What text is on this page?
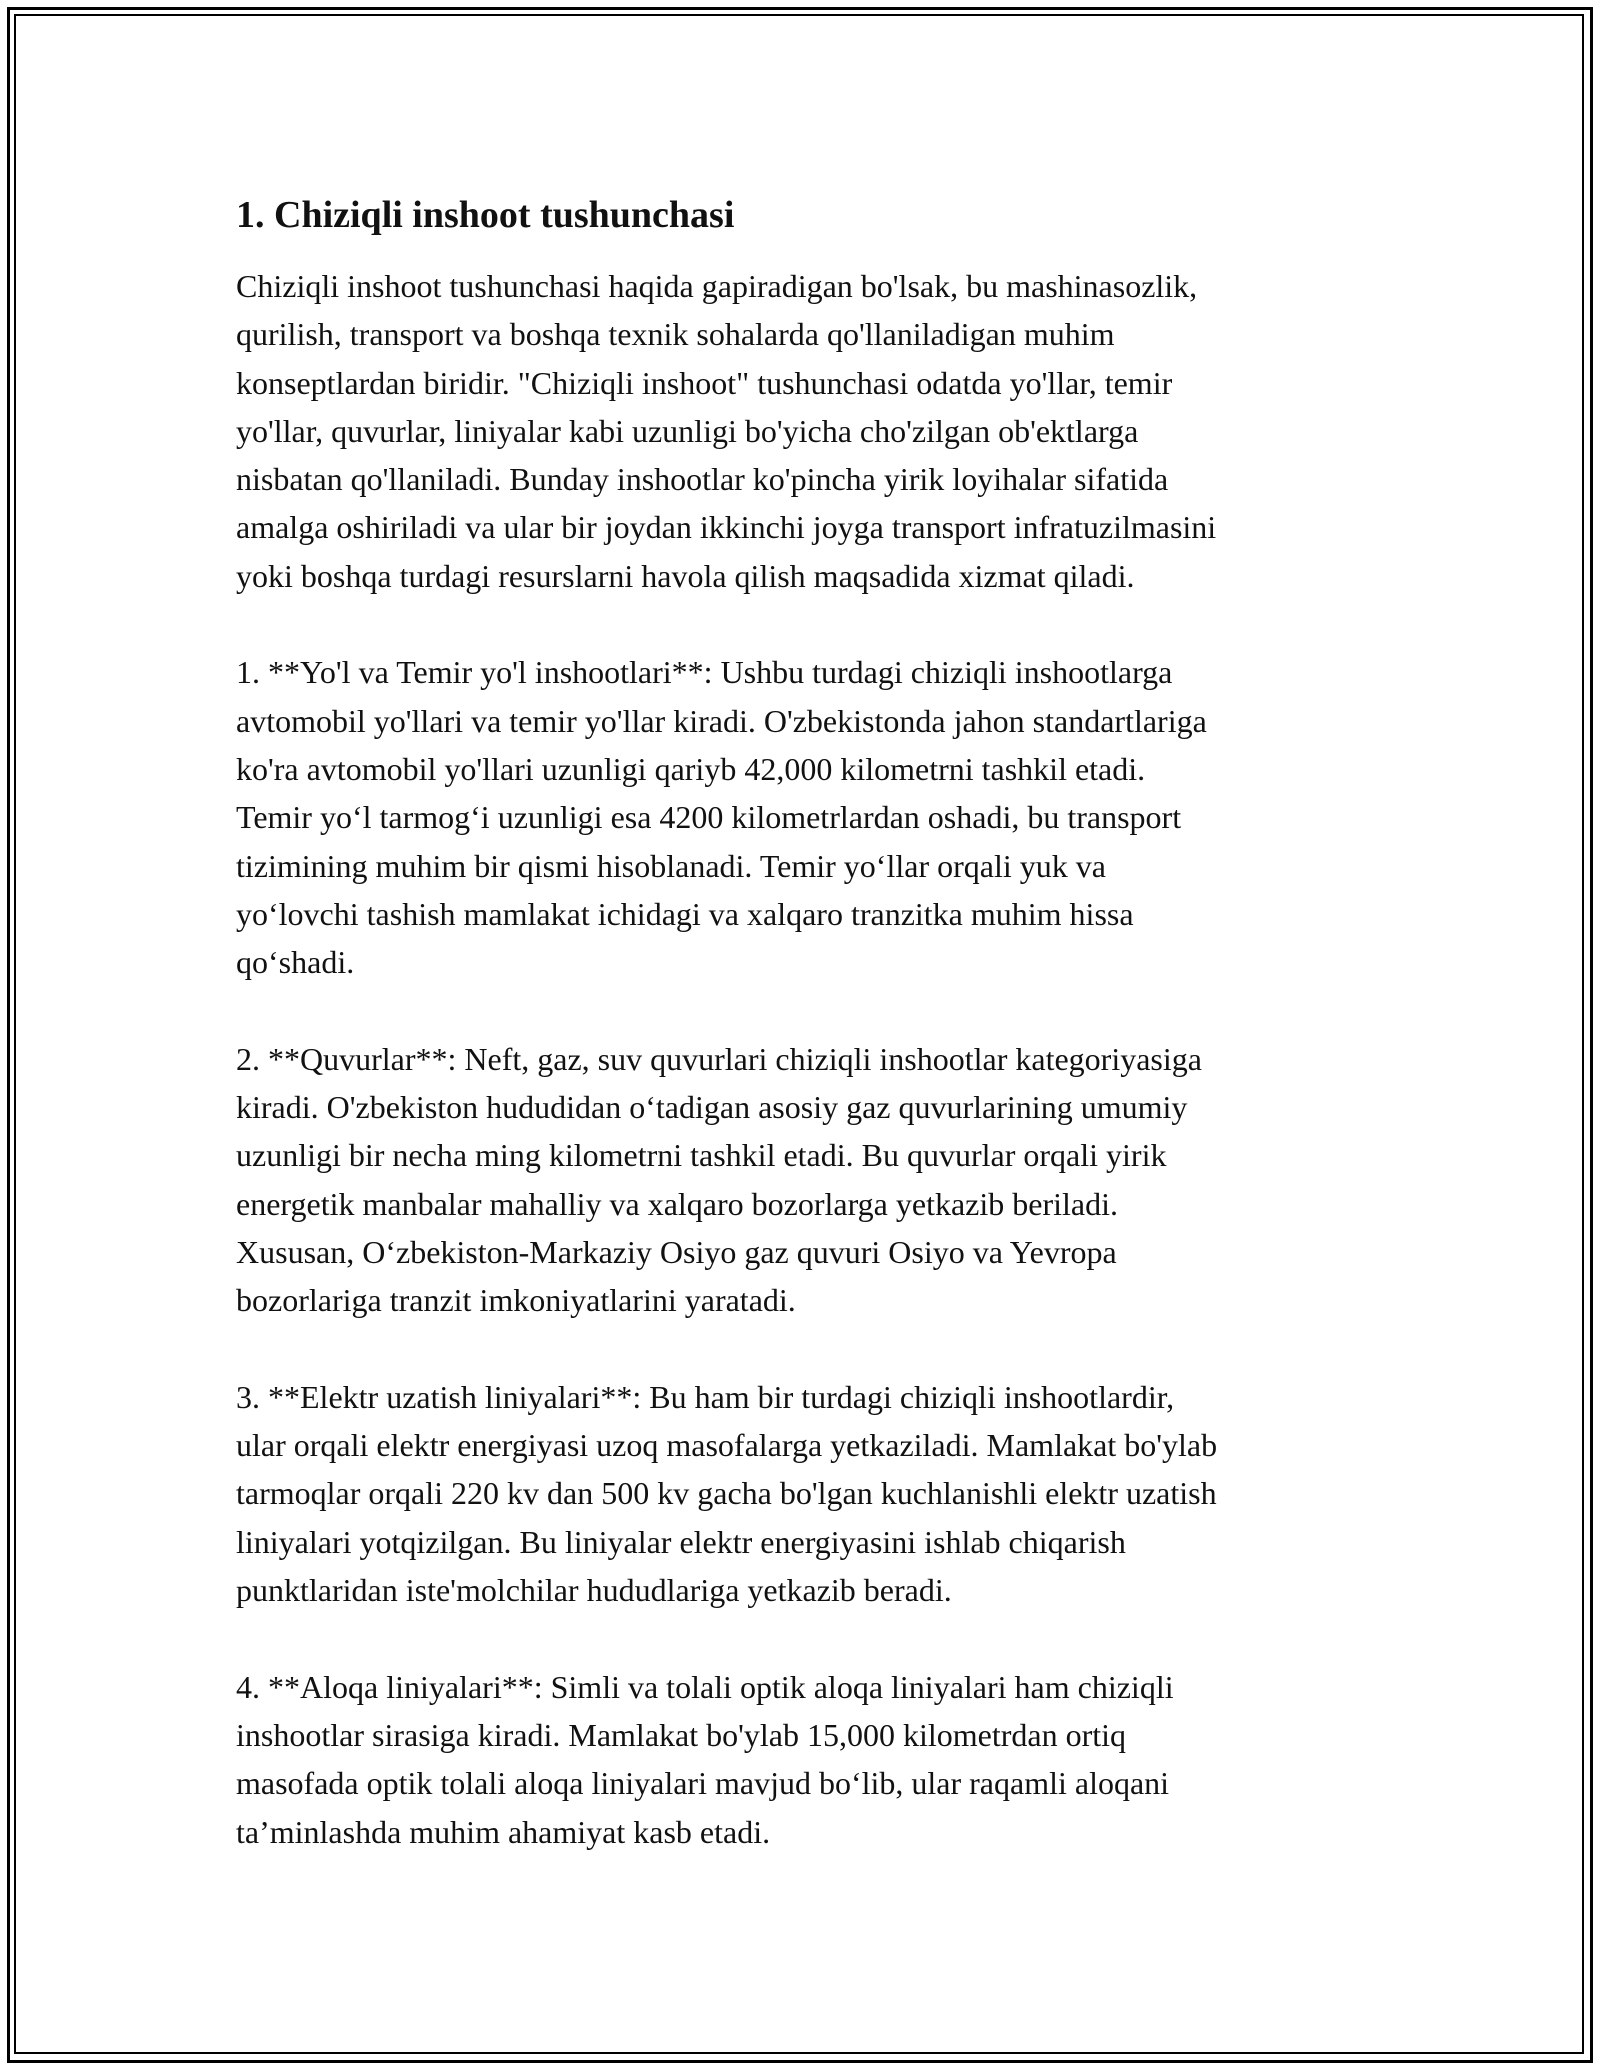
1. Chiziqli inshoot tushunchasi

Chiziqli inshoot tushunchasi haqida gapiradigan bo'lsak, bu mashinasozlik,
qurilish, transport va boshqa texnik sohalarda qo'llaniladigan muhim
konseptlardan biridir. "Chiziqli inshoot" tushunchasi odatda yo'llar, temir
yo'llar, quvurlar, liniyalar kabi uzunligi bo'yicha cho'zilgan ob'ektlarga
nisbatan qo'llaniladi. Bunday inshootlar ko'pincha yirik loyihalar sifatida
amalga oshiriladi va ular bir joydan ikkinchi joyga transport infratuzilmasini
yoki boshqa turdagi resurslarni havola qilish maqsadida xizmat qiladi.

1. **Yo'l va Temir yo'l inshootlari**: Ushbu turdagi chiziqli inshootlarga
avtomobil yo'llari va temir yo'llar kiradi. O'zbekistonda jahon standartlariga
ko'ra avtomobil yo'llari uzunligi qariyb 42,000 kilometrni tashkil etadi.
Temir yo‘l tarmog‘i uzunligi esa 4200 kilometrlardan oshadi, bu transport
tizimining muhim bir qismi hisoblanadi. Temir yo‘llar orqali yuk va
yo‘lovchi tashish mamlakat ichidagi va xalqaro tranzitka muhim hissa
qo‘shadi.

2. **Quvurlar**: Neft, gaz, suv quvurlari chiziqli inshootlar kategoriyasiga
kiradi. O'zbekiston hududidan o‘tadigan asosiy gaz quvurlarining umumiy
uzunligi bir necha ming kilometrni tashkil etadi. Bu quvurlar orqali yirik
energetik manbalar mahalliy va xalqaro bozorlarga yetkazib beriladi.
Xususan, O‘zbekiston-Markaziy Osiyo gaz quvuri Osiyo va Yevropa
bozorlariga tranzit imkoniyatlarini yaratadi.

3. **Elektr uzatish liniyalari**: Bu ham bir turdagi chiziqli inshootlardir,
ular orqali elektr energiyasi uzoq masofalarga yetkaziladi. Mamlakat bo'ylab
tarmoqlar orqali 220 kv dan 500 kv gacha bo'lgan kuchlanishli elektr uzatish
liniyalari yotqizilgan. Bu liniyalar elektr energiyasini ishlab chiqarish
punktlaridan iste'molchilar hududlariga yetkazib beradi.

4. **Aloqa liniyalari**: Simli va tolali optik aloqa liniyalari ham chiziqli
inshootlar sirasiga kiradi. Mamlakat bo'ylab 15,000 kilometrdan ortiq
masofada optik tolali aloqa liniyalari mavjud bo‘lib, ular raqamli aloqani
ta’minlashda muhim ahamiyat kasb etadi.
